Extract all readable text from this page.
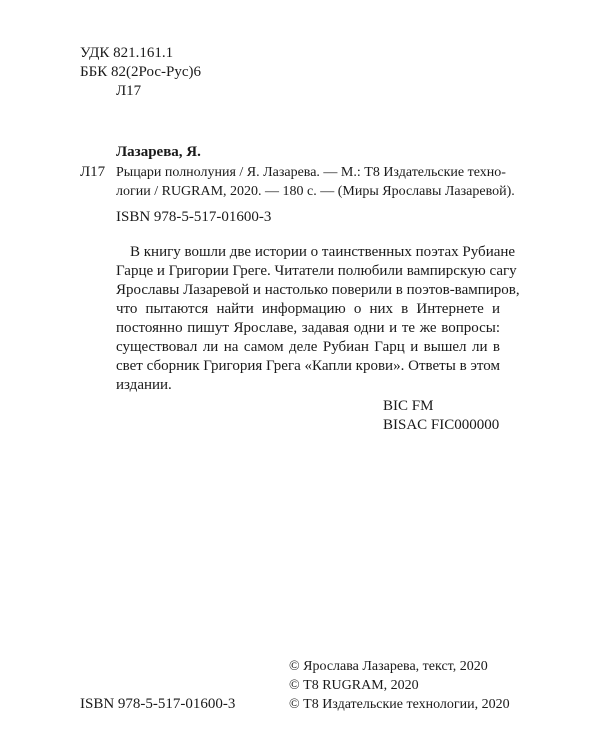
УДК 821.161.1
ББК 82(2Рос-Рус)6
Л17
Лазарева, Я.
Л17 Рыцари полнолуния / Я. Лазарева. — М.: Т8 Издательские техно-
логии / RUGRAM, 2020. — 180 с. — (Миры Ярославы Лазаревой).
ISBN 978-5-517-01600-3
В книгу вошли две истории о таинственных поэтах Рубиане
Гарце и Григории Греге. Читатели полюбили вампирскую сагу
Ярославы Лазаревой и настолько поверили в поэтов-вампиров,
что пытаются найти информацию о них в Интернете и
постоянно пишут Ярославе, задавая одни и те же вопросы:
существовал ли на самом деле Рубиан Гарц и вышел ли в
свет сборник Григория Грега «Капли крови». Ответы в этом
издании.
BIC FM
BISAC FIC000000
© Ярослава Лазарева, текст, 2020
© Т8 RUGRAM, 2020
© Т8 Издательские технологии, 2020
ISBN 978-5-517-01600-3
